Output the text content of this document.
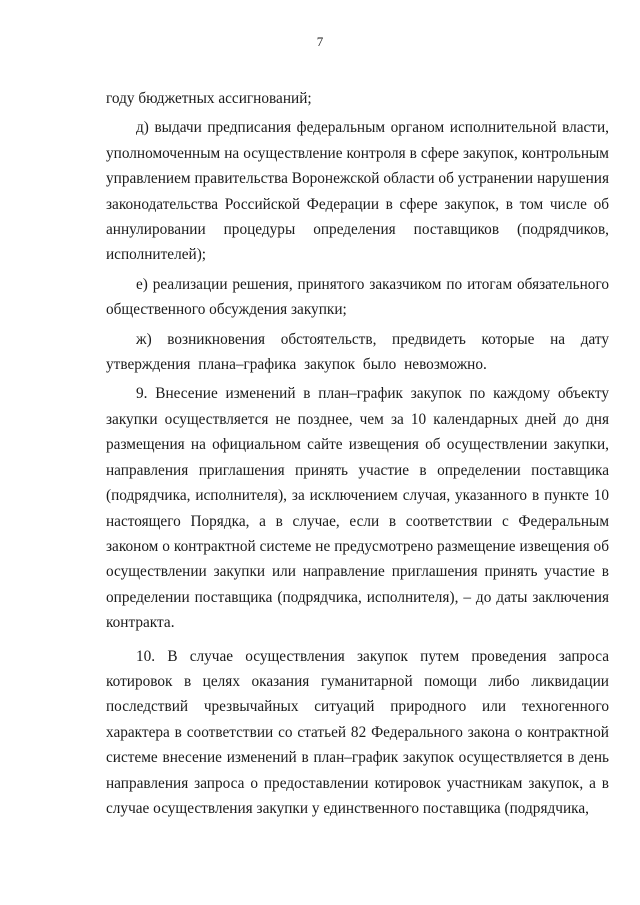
7

году бюджетных ассигнований;

д) выдачи предписания федеральным органом исполнительной власти, уполномоченным на осуществление контроля в сфере закупок, контрольным управлением правительства Воронежской области об устранении нарушения законодательства Российской Федерации в сфере закупок, в том числе об аннулировании процедуры определения поставщиков (подрядчиков, исполнителей);

е) реализации решения, принятого заказчиком по итогам обязательного общественного обсуждения закупки;

ж) возникновения обстоятельств, предвидеть которые на дату утверждения плана–графика закупок было невозможно.

9. Внесение изменений в план–график закупок по каждому объекту закупки осуществляется не позднее, чем за 10 календарных дней до дня размещения на официальном сайте извещения об осуществлении закупки, направления приглашения принять участие в определении поставщика (подрядчика, исполнителя), за исключением случая, указанного в пункте 10 настоящего Порядка, а в случае, если в соответствии с Федеральным законом о контрактной системе не предусмотрено размещение извещения об осуществлении закупки или направление приглашения принять участие в определении поставщика (подрядчика, исполнителя), – до даты заключения контракта.

10. В случае осуществления закупок путем проведения запроса котировок в целях оказания гуманитарной помощи либо ликвидации последствий чрезвычайных ситуаций природного или техногенного характера в соответствии со статьей 82 Федерального закона о контрактной системе внесение изменений в план–график закупок осуществляется в день направления запроса о предоставлении котировок участникам закупок, а в случае осуществления закупки у единственного поставщика (подрядчика,
